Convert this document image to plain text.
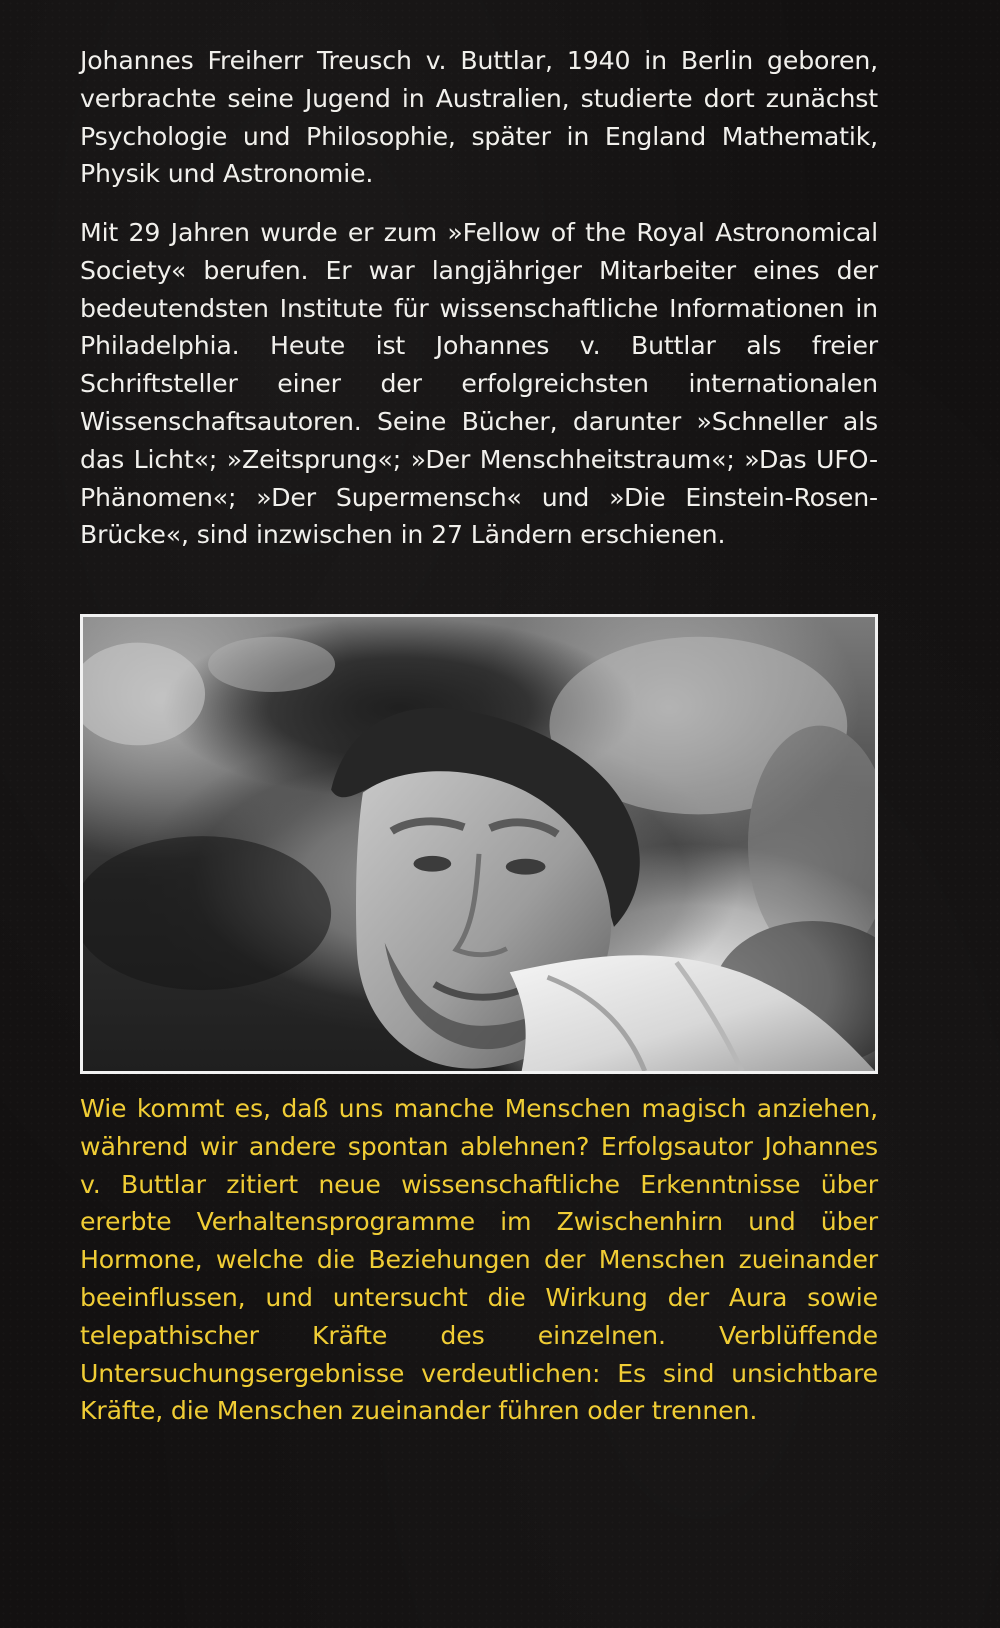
Johannes Freiherr Treusch v. Buttlar, 1940 in Berlin geboren, verbrachte seine Jugend in Australien, studierte dort zunächst Psychologie und Philosophie, später in England Mathematik, Physik und Astronomie.

Mit 29 Jahren wurde er zum »Fellow of the Royal Astronomical Society« berufen. Er war langjähriger Mitarbeiter eines der bedeutendsten Institute für wissenschaftliche Informationen in Philadelphia. Heute ist Johannes v. Buttlar als freier Schriftsteller einer der erfolgreichsten internationalen Wissenschaftsautoren. Seine Bücher, darunter »Schneller als das Licht«; »Zeitsprung«; »Der Menschheitstraum«; »Das UFO-Phänomen«; »Der Supermensch« und »Die Einstein-Rosen-Brücke«, sind inzwischen in 27 Ländern erschienen.

Wie kommt es, daß uns manche Menschen magisch anziehen, während wir andere spontan ablehnen? Erfolgsautor Johannes v. Buttlar zitiert neue wissenschaftliche Erkenntnisse über ererbte Verhaltensprogramme im Zwischenhirn und über Hormone, welche die Beziehungen der Menschen zueinander beeinflussen, und untersucht die Wirkung der Aura sowie telepathischer Kräfte des einzelnen. Verblüffende Untersuchungsergebnisse verdeutlichen: Es sind unsichtbare Kräfte, die Menschen zueinander führen oder trennen.
